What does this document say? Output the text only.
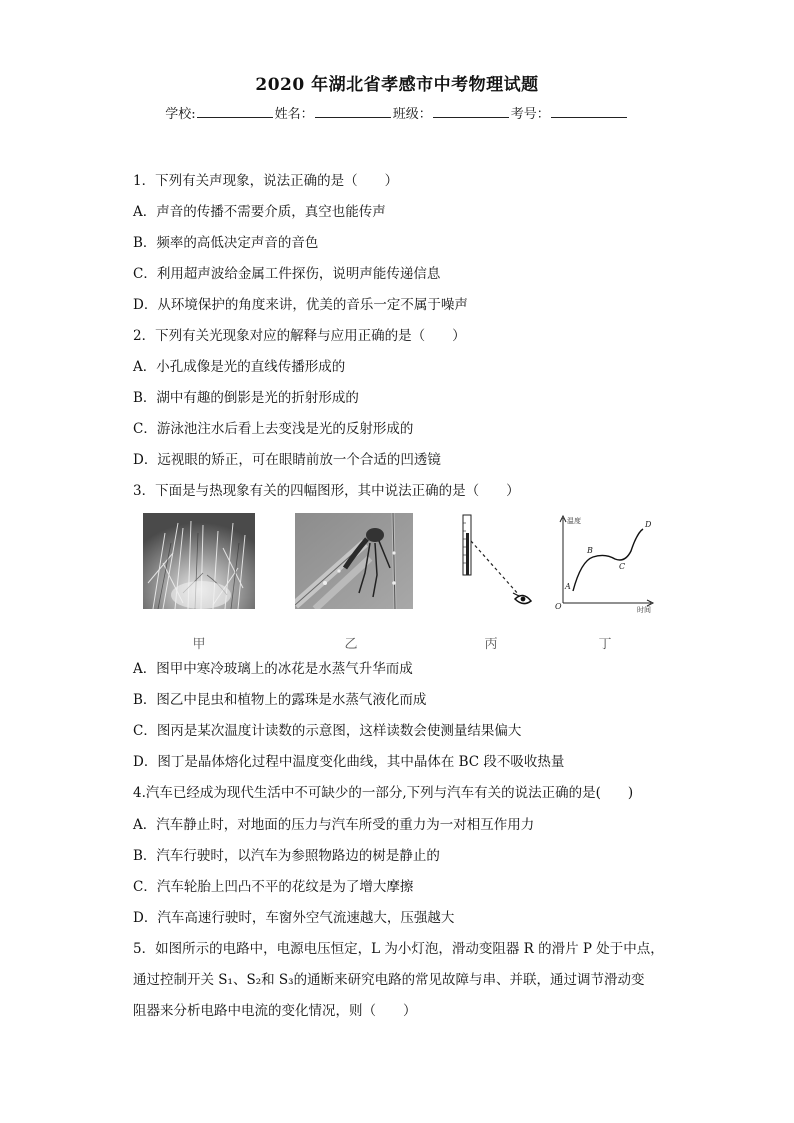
2020 年湖北省孝感市中考物理试题
学校:	姓名：	班级：	考号：
1．下列有关声现象，说法正确的是（　　）
A．声音的传播不需要介质，真空也能传声
B．频率的高低决定声音的音色
C．利用超声波给金属工件探伤，说明声能传递信息
D．从环境保护的角度来讲，优美的音乐一定不属于噪声
2．下列有关光现象对应的解释与应用正确的是（　　）
A．小孔成像是光的直线传播形成的
B．湖中有趣的倒影是光的折射形成的
C．游泳池注水后看上去变浅是光的反射形成的
D．远视眼的矫正，可在眼睛前放一个合适的凹透镜
3．下面是与热现象有关的四幅图形，其中说法正确的是（　　）
温度
时间
O
A
B
C
D
甲	乙	丙	丁
A．图甲中寒冷玻璃上的冰花是水蒸气升华而成
B．图乙中昆虫和植物上的露珠是水蒸气液化而成
C．图丙是某次温度计读数的示意图，这样读数会使测量结果偏大
D．图丁是晶体熔化过程中温度变化曲线，其中晶体在 BC 段不吸收热量
4.汽车已经成为现代生活中不可缺少的一部分,下列与汽车有关的说法正确的是(　　)
A．汽车静止时，对地面的压力与汽车所受的重力为一对相互作用力
B．汽车行驶时，以汽车为参照物路边的树是静止的
C．汽车轮胎上凹凸不平的花纹是为了增大摩擦
D．汽车高速行驶时，车窗外空气流速越大，压强越大
5．如图所示的电路中，电源电压恒定，L 为小灯泡，滑动变阻器 R 的滑片 P 处于中点，
通过控制开关 S₁、S₂和 S₃的通断来研究电路的常见故障与串、并联，通过调节滑动变
阻器来分析电路中电流的变化情况，则（　　）
